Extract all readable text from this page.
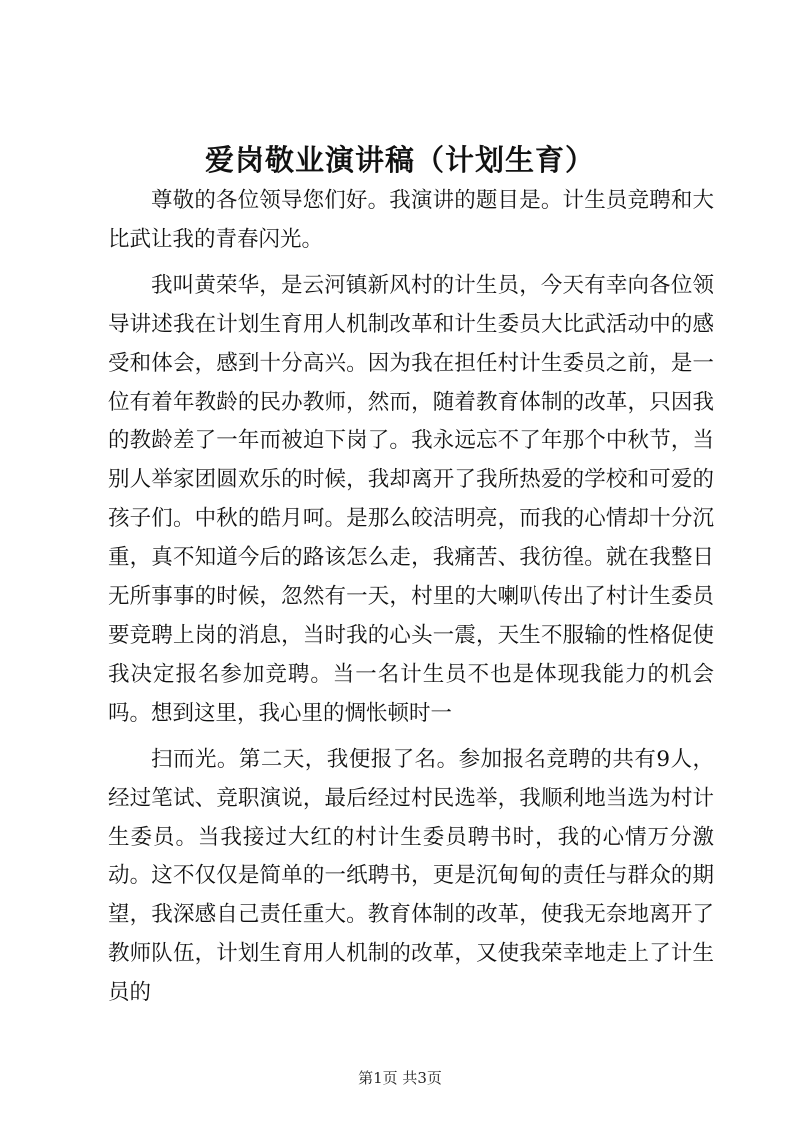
爱岗敬业演讲稿（计划生育）

尊敬的各位领导您们好。我演讲的题目是。计生员竞聘和大比武让我的青春闪光。

我叫黄荣华，是云河镇新风村的计生员，今天有幸向各位领导讲述我在计划生育用人机制改革和计生委员大比武活动中的感受和体会，感到十分高兴。因为我在担任村计生委员之前，是一位有着年教龄的民办教师，然而，随着教育体制的改革，只因我的教龄差了一年而被迫下岗了。我永远忘不了年那个中秋节，当别人举家团圆欢乐的时候，我却离开了我所热爱的学校和可爱的孩子们。中秋的皓月呵。是那么皎洁明亮，而我的心情却十分沉重，真不知道今后的路该怎么走，我痛苦、我彷徨。就在我整日无所事事的时候，忽然有一天，村里的大喇叭传出了村计生委员要竞聘上岗的消息，当时我的心头一震，天生不服输的性格促使我决定报名参加竞聘。当一名计生员不也是体现我能力的机会吗。想到这里，我心里的惆怅顿时一

扫而光。第二天，我便报了名。参加报名竞聘的共有9人，经过笔试、竞职演说，最后经过村民选举，我顺利地当选为村计生委员。当我接过大红的村计生委员聘书时，我的心情万分激动。这不仅仅是简单的一纸聘书，更是沉甸甸的责任与群众的期望，我深感自己责任重大。教育体制的改革，使我无奈地离开了教师队伍，计划生育用人机制的改革，又使我荣幸地走上了计生员的

第1页 共3页
